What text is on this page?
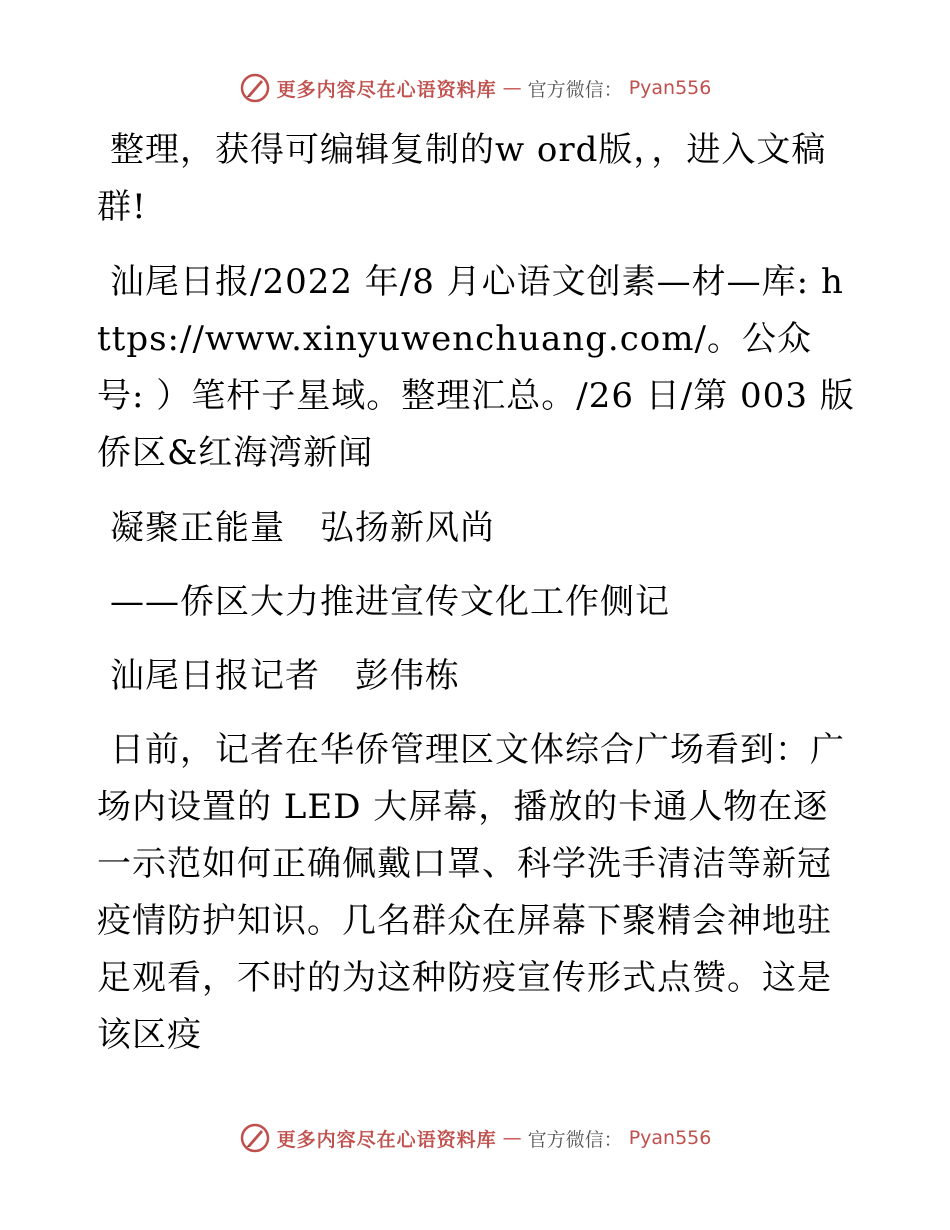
更多内容尽在心语资料库 — 官方微信： Pyan556

整理，获得可编辑复制的w ord版，，进入文稿群!

汕尾日报/2022 年/8 月心语文创素—材—库: https://www.xinyuwenchuang.com/。公众号: ）笔杆子星域。整理汇总。/26 日/第 003 版侨区&红海湾新闻

凝聚正能量　弘扬新风尚

——侨区大力推进宣传文化工作侧记

汕尾日报记者　彭伟栋

日前，记者在华侨管理区文体综合广场看到：广场内设置的 LED 大屏幕，播放的卡通人物在逐一示范如何正确佩戴口罩、科学洗手清洁等新冠疫情防护知识。几名群众在屏幕下聚精会神地驻足观看，不时的为这种防疫宣传形式点赞。这是该区疫

更多内容尽在心语资料库 — 官方微信： Pyan556
